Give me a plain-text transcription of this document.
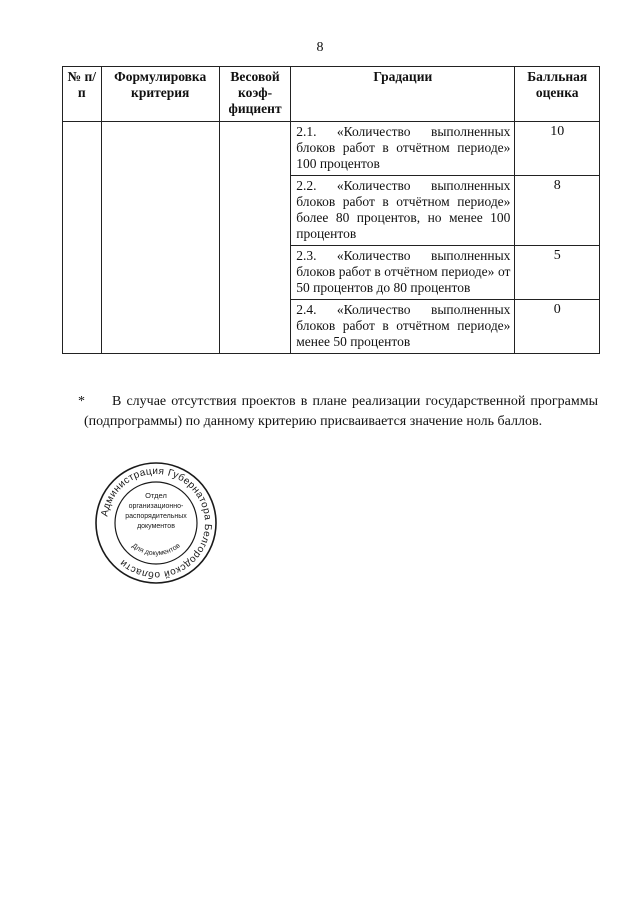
8
№ п/п	Формулировка критерия	Весовой коэф-фициент	Градации	Балльная оценка
			2.1. «Количество выполненных блоков работ в отчётном периоде» 100 процентов	10
			2.2. «Количество выполненных блоков работ в отчётном периоде» более 80 процентов, но менее 100 процентов	8
			2.3. «Количество выполненных блоков работ в отчётном периоде» от 50 процентов до 80 процентов	5
			2.4. «Количество выполненных блоков работ в отчётном периоде» менее 50 процентов	0
* В случае отсутствия проектов в плане реализации государственной программы (подпрограммы) по данному критерию присваивается значение ноль баллов.
Администрация Губернатора Белгородской области
Отдел
организационно-
распорядительных
документов
Для документов
